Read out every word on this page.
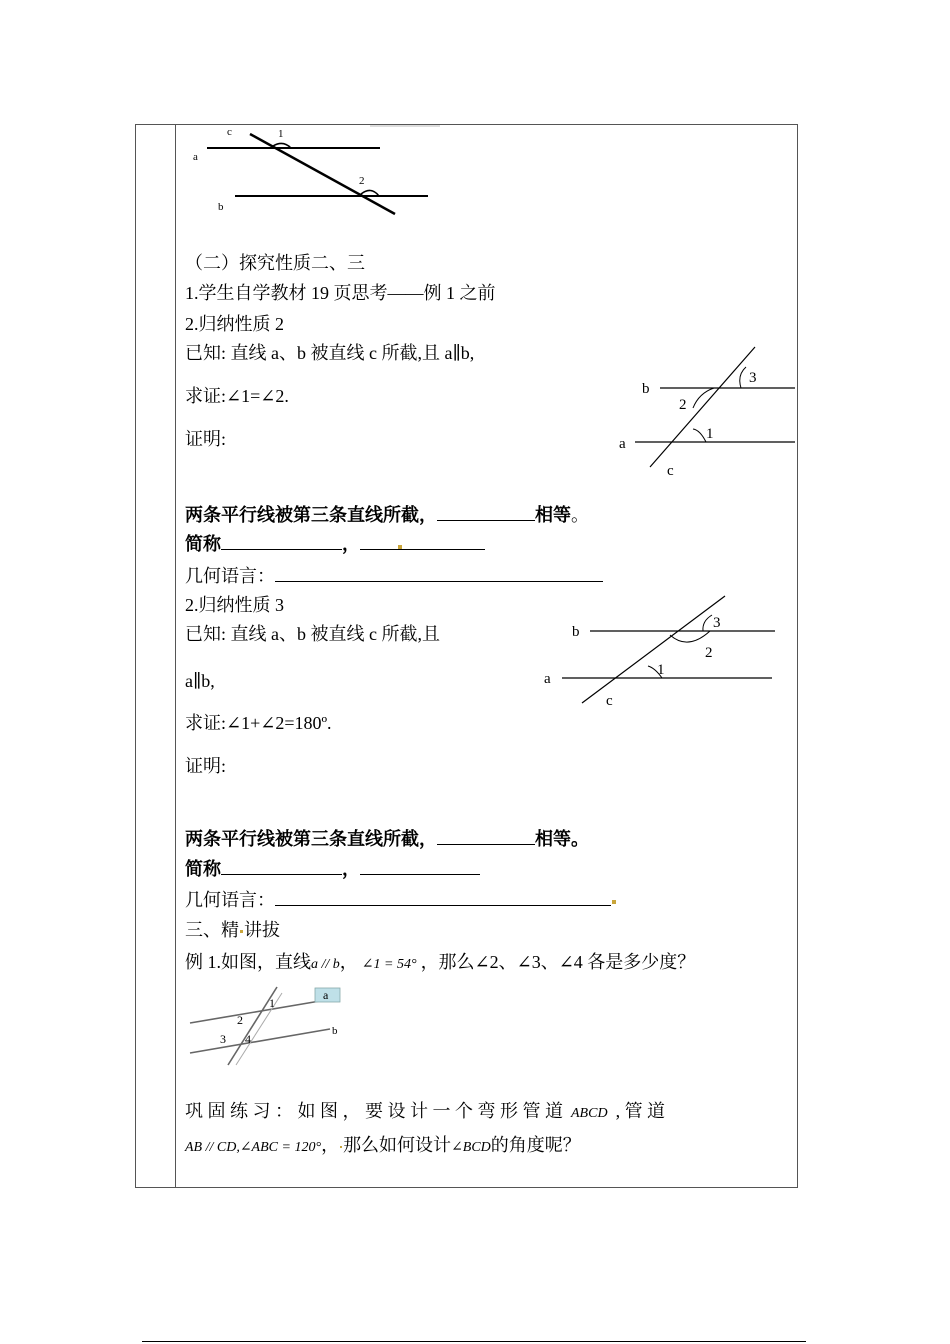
c	1
a
2
b
（二）探究性质二、三
1.学生自学教材 19 页思考——例 1 之前
2.归纳性质 2
已知: 直线 a、b 被直线 c 所截,且 a∥b,
求证:∠1=∠2.
证明:
b
3
2
1
a
c
两条平行线被第三条直线所截，	相等。
简称	，
几何语言：
2.归纳性质 3
已知: 直线 a、b 被直线 c 所截,且
a∥b,
求证:∠1+∠2=180º.
证明:
b
3
2
1
a
c
两条平行线被第三条直线所截，	相等。
简称	，
几何语言：
三、精 讲拔
例 1.如图，直线a // b， ∠1 = 54° ，那么∠2、∠3、∠4 各是多少度？
a
b
1
2
3 4
巩 固 练 习 ： 如 图 ， 要 设 计 一 个 弯 形 管 道 ABCD , 管 道
AB // CD,∠ABC = 120°， 那么如何设计∠BCD的角度呢？
